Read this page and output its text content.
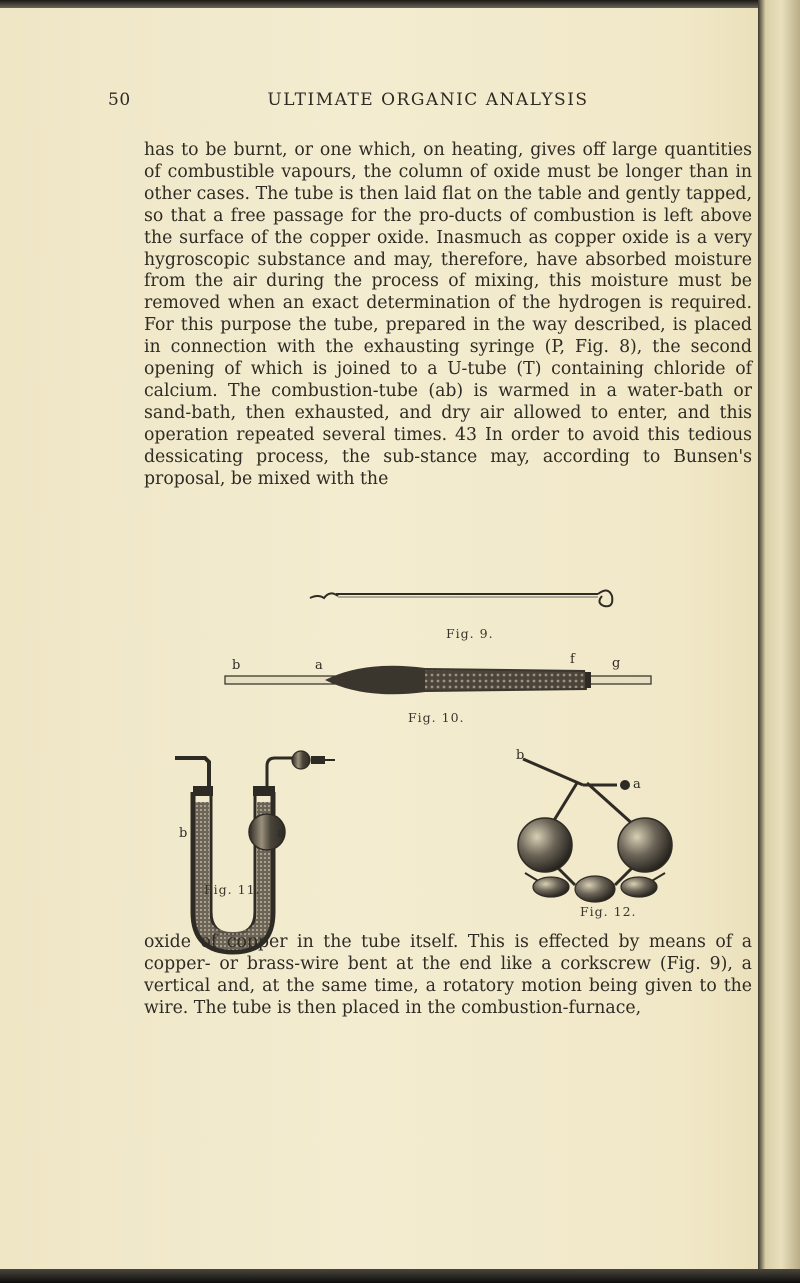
50	ULTIMATE ORGANIC ANALYSIS

has to be burnt, or one which, on heating, gives off large quantities of combustible vapours, the column of oxide must be longer than in other cases. The tube is then laid flat on the table and gently tapped, so that a free passage for the pro-ducts of combustion is left above the surface of the copper oxide. Inasmuch as copper oxide is a very hygroscopic substance and may, therefore, have absorbed moisture from the air during the process of mixing, this moisture must be removed when an exact determination of the hydrogen is required. For this purpose the tube, prepared in the way described, is placed in connection with the exhausting syringe (P, Fig. 8), the second opening of which is joined to a U-tube (T) containing chloride of calcium. The combustion-tube (ab) is warmed in a water-bath or sand-bath, then exhausted, and dry air allowed to enter, and this operation repeated several times. 43 In order to avoid this tedious dessicating process, the sub-stance may, according to Bunsen's proposal, be mixed with the

Fig. 9.
b	a	f	g
Fig. 10.
b	a
Fig. 11.
b
a
Fig. 12.

oxide of copper in the tube itself. This is effected by means of a copper- or brass-wire bent at the end like a corkscrew (Fig. 9), a vertical and, at the same time, a rotatory motion being given to the wire. The tube is then placed in the combustion-furnace,
